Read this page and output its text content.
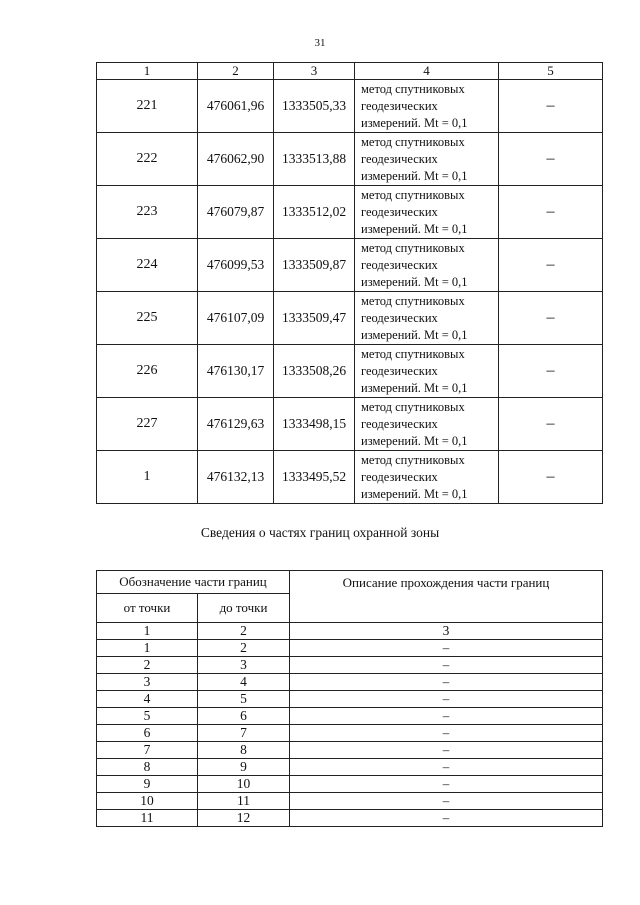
31
1	2	3	4	5
221	476061,96	1333505,33	метод спутниковых
геодезических
измерений. Mt = 0,1	–
222	476062,90	1333513,88	метод спутниковых
геодезических
измерений. Mt = 0,1	–
223	476079,87	1333512,02	метод спутниковых
геодезических
измерений. Mt = 0,1	–
224	476099,53	1333509,87	метод спутниковых
геодезических
измерений. Mt = 0,1	–
225	476107,09	1333509,47	метод спутниковых
геодезических
измерений. Mt = 0,1	–
226	476130,17	1333508,26	метод спутниковых
геодезических
измерений. Mt = 0,1	–
227	476129,63	1333498,15	метод спутниковых
геодезических
измерений. Mt = 0,1	–
1	476132,13	1333495,52	метод спутниковых
геодезических
измерений. Mt = 0,1	–
Сведения о частях границ охранной зоны
Обозначение части границ		Описание прохождения части границ
от точки	до точки	
1	2	3
1	2	–
2	3	–
3	4	–
4	5	–
5	6	–
6	7	–
7	8	–
8	9	–
9	10	–
10	11	–
11	12	–
